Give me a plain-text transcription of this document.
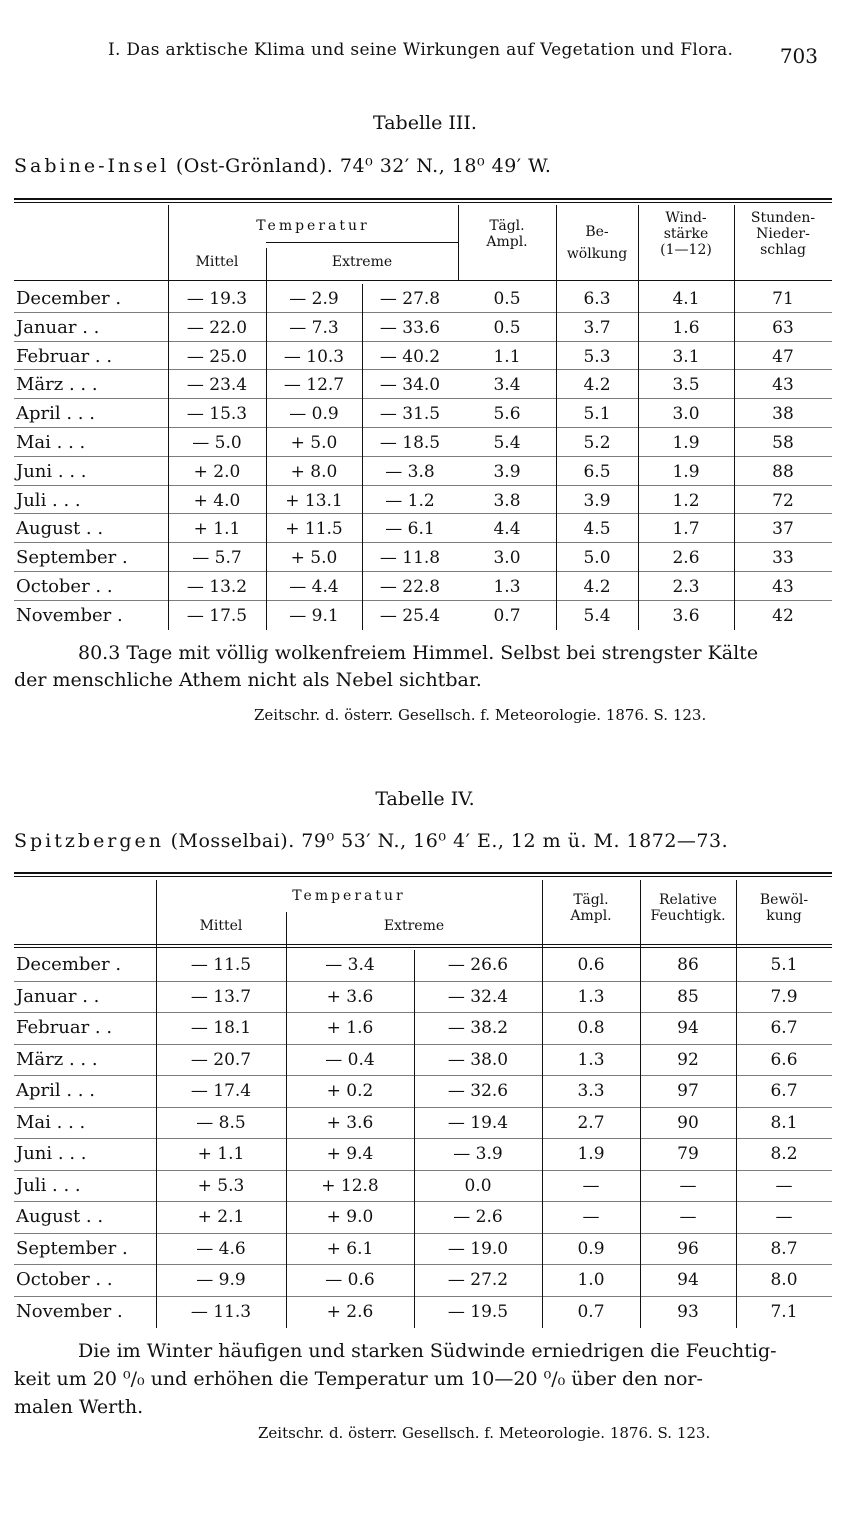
I. Das arktische Klima und seine Wirkungen auf Vegetation und Flora. 703
Tabelle III.
Sabine-Insel (Ost-Grönland). 74⁰ 32′ N., 18⁰ 49′ W.
Temperatur
Mittel	Extreme
Tägl.
Ampl.
Be-
wölkung
Wind-
stärke
(1—12)
Stunden-
Nieder-
schlag
December .	— 19.3	— 2.9	— 27.8	0.5	6.3	4.1	71
Januar . .	— 22.0	— 7.3	— 33.6	0.5	3.7	1.6	63
Februar . .	— 25.0	— 10.3	— 40.2	1.1	5.3	3.1	47
März . . .	— 23.4	— 12.7	— 34.0	3.4	4.2	3.5	43
April . . .	— 15.3	— 0.9	— 31.5	5.6	5.1	3.0	38
Mai . . .	— 5.0	+ 5.0	— 18.5	5.4	5.2	1.9	58
Juni . . .	+ 2.0	+ 8.0	— 3.8	3.9	6.5	1.9	88
Juli . . .	+ 4.0	+ 13.1	— 1.2	3.8	3.9	1.2	72
August . .	+ 1.1	+ 11.5	— 6.1	4.4	4.5	1.7	37
September .	— 5.7	+ 5.0	— 11.8	3.0	5.0	2.6	33
October . .	— 13.2	— 4.4	— 22.8	1.3	4.2	2.3	43
November .	— 17.5	— 9.1	— 25.4	0.7	5.4	3.6	42
80.3 Tage mit völlig wolkenfreiem Himmel. Selbst bei strengster Kälte
der menschliche Athem nicht als Nebel sichtbar.
Zeitschr. d. österr. Gesellsch. f. Meteorologie. 1876. S. 123.
Tabelle IV.
Spitzbergen (Mosselbai). 79⁰ 53′ N., 16⁰ 4′ E., 12 m ü. M. 1872—73.
Temperatur
Mittel	Extreme
Tägl.
Ampl.
Relative
Feuchtigk.
Bewöl-
kung
December .	— 11.5	— 3.4	— 26.6	0.6	86	5.1
Januar . .	— 13.7	+ 3.6	— 32.4	1.3	85	7.9
Februar . .	— 18.1	+ 1.6	— 38.2	0.8	94	6.7
März . . .	— 20.7	— 0.4	— 38.0	1.3	92	6.6
April . . .	— 17.4	+ 0.2	— 32.6	3.3	97	6.7
Mai . . .	— 8.5	+ 3.6	— 19.4	2.7	90	8.1
Juni . . .	+ 1.1	+ 9.4	— 3.9	1.9	79	8.2
Juli . . .	+ 5.3	+ 12.8	0.0	—	—	—
August . .	+ 2.1	+ 9.0	— 2.6	—	—	—
September .	— 4.6	+ 6.1	— 19.0	0.9	96	8.7
October . .	— 9.9	— 0.6	— 27.2	1.0	94	8.0
November .	— 11.3	+ 2.6	— 19.5	0.7	93	7.1
Die im Winter häufigen und starken Südwinde erniedrigen die Feuchtig-
keit um 20 ⁰/₀ und erhöhen die Temperatur um 10—20 ⁰/₀ über den nor-
malen Werth.
Zeitschr. d. österr. Gesellsch. f. Meteorologie. 1876. S. 123.
